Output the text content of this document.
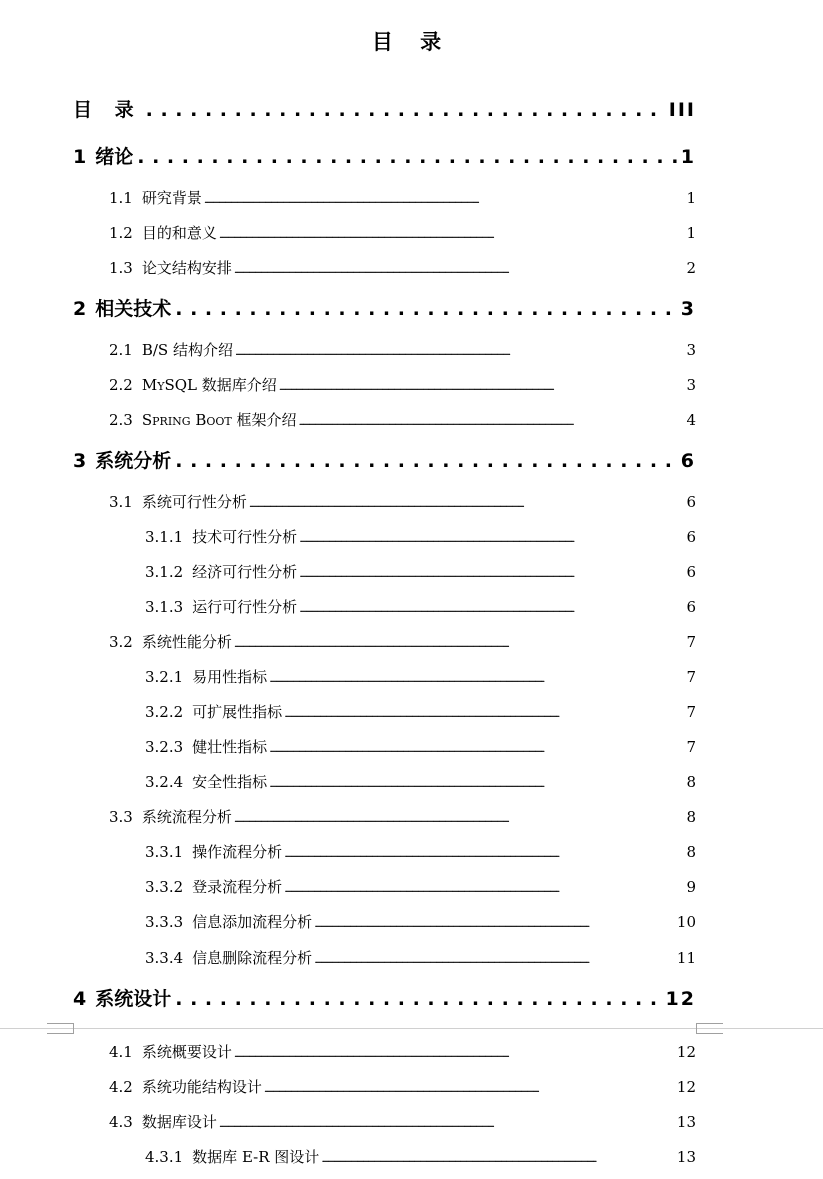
目 录
目 录 . . .	III
1 绪论 . . .	1
1.1 研究背景 .....	1
1.2 目的和意义 .....	1
1.3 论文结构安排 .....	2
2 相关技术 . . .	3
2.1 B/S 结构介绍 .....	3
2.2 MySQL 数据库介绍 .....	3
2.3 Spring Boot 框架介绍 .....	4
3 系统分析 . . .	6
3.1 系统可行性分析 .....	6
3.1.1 技术可行性分析 .....	6
3.1.2 经济可行性分析 .....	6
3.1.3 运行可行性分析 .....	6
3.2 系统性能分析 .....	7
3.2.1 易用性指标 .....	7
3.2.2 可扩展性指标 .....	7
3.2.3 健壮性指标 .....	7
3.2.4 安全性指标 .....	8
3.3 系统流程分析 .....	8
3.3.1 操作流程分析 .....	8
3.3.2 登录流程分析 .....	9
3.3.3 信息添加流程分析 .....	10
3.3.4 信息删除流程分析 .....	11
4 系统设计 . . .	12
4.1 系统概要设计 .....	12
4.2 系统功能结构设计 .....	12
4.3 数据库设计 .....	13
4.3.1 数据库 E-R 图设计 .....	13
